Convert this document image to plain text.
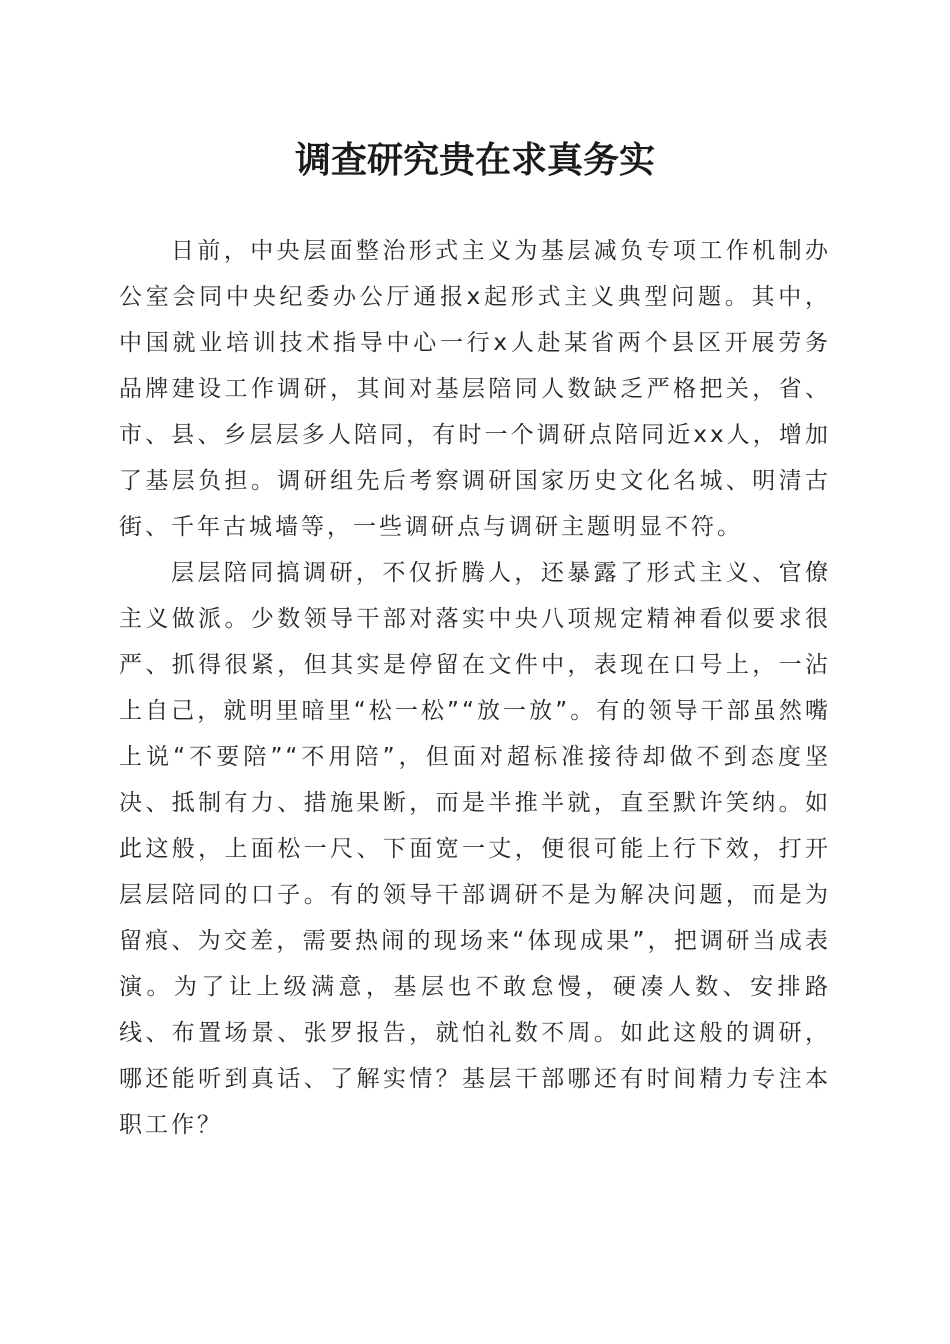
调查研究贵在求真务实

日前，中央层面整治形式主义为基层减负专项工作机制办公室会同中央纪委办公厅通报x起形式主义典型问题。其中，中国就业培训技术指导中心一行x人赴某省两个县区开展劳务品牌建设工作调研，其间对基层陪同人数缺乏严格把关，省、市、县、乡层层多人陪同，有时一个调研点陪同近xx人，增加了基层负担。调研组先后考察调研国家历史文化名城、明清古街、千年古城墙等，一些调研点与调研主题明显不符。

层层陪同搞调研，不仅折腾人，还暴露了形式主义、官僚主义做派。少数领导干部对落实中央八项规定精神看似要求很严、抓得很紧，但其实是停留在文件中，表现在口号上，一沾上自己，就明里暗里“松一松”“放一放”。有的领导干部虽然嘴上说“不要陪”“不用陪”，但面对超标准接待却做不到态度坚决、抵制有力、措施果断，而是半推半就，直至默许笑纳。如此这般，上面松一尺、下面宽一丈，便很可能上行下效，打开层层陪同的口子。有的领导干部调研不是为解决问题，而是为留痕、为交差，需要热闹的现场来“体现成果”，把调研当成表演。为了让上级满意，基层也不敢怠慢，硬凑人数、安排路线、布置场景、张罗报告，就怕礼数不周。如此这般的调研，哪还能听到真话、了解实情？基层干部哪还有时间精力专注本职工作？
